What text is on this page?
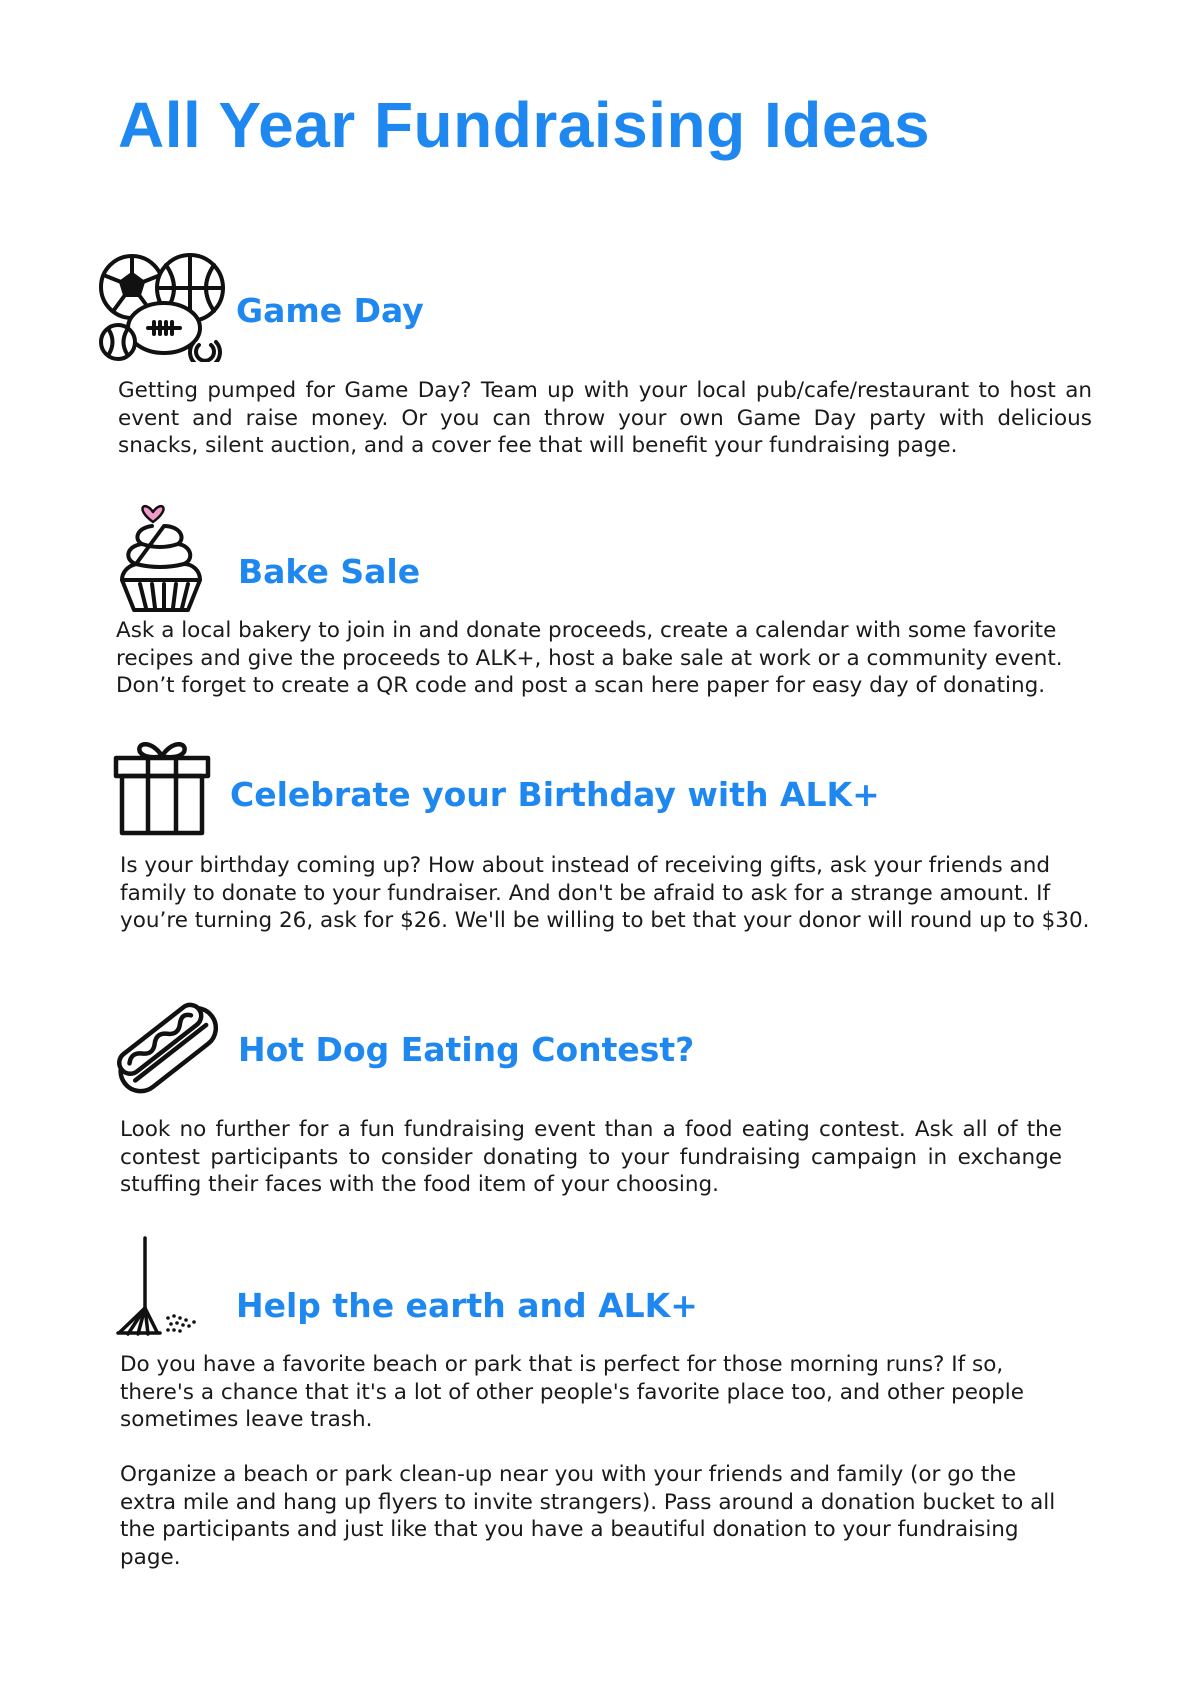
All Year Fundraising Ideas
Game Day

Getting pumped for Game Day? Team up with your local pub/cafe/restaurant to host an event and raise money. Or you can throw your own Game Day party with delicious snacks, silent auction, and a cover fee that will benefit your fundraising page.

Bake Sale

Ask a local bakery to join in and donate proceeds, create a calendar with some favorite recipes and give the proceeds to ALK+, host a bake sale at work or a community event. Don’t forget to create a QR code and post a scan here paper for easy day of donating.

Celebrate your Birthday with ALK+

Is your birthday coming up? How about instead of receiving gifts, ask your friends and family to donate to your fundraiser. And don't be afraid to ask for a strange amount. If you’re turning 26, ask for $26. We'll be willing to bet that your donor will round up to $30.

Hot Dog Eating Contest?

Look no further for a fun fundraising event than a food eating contest. Ask all of the contest participants to consider donating to your fundraising campaign in exchange stuffing their faces with the food item of your choosing.

Help the earth and ALK+

Do you have a favorite beach or park that is perfect for those morning runs? If so, there's a chance that it's a lot of other people's favorite place too, and other people sometimes leave trash.

Organize a beach or park clean-up near you with your friends and family (or go the extra mile and hang up flyers to invite strangers). Pass around a donation bucket to all the participants and just like that you have a beautiful donation to your fundraising page.
